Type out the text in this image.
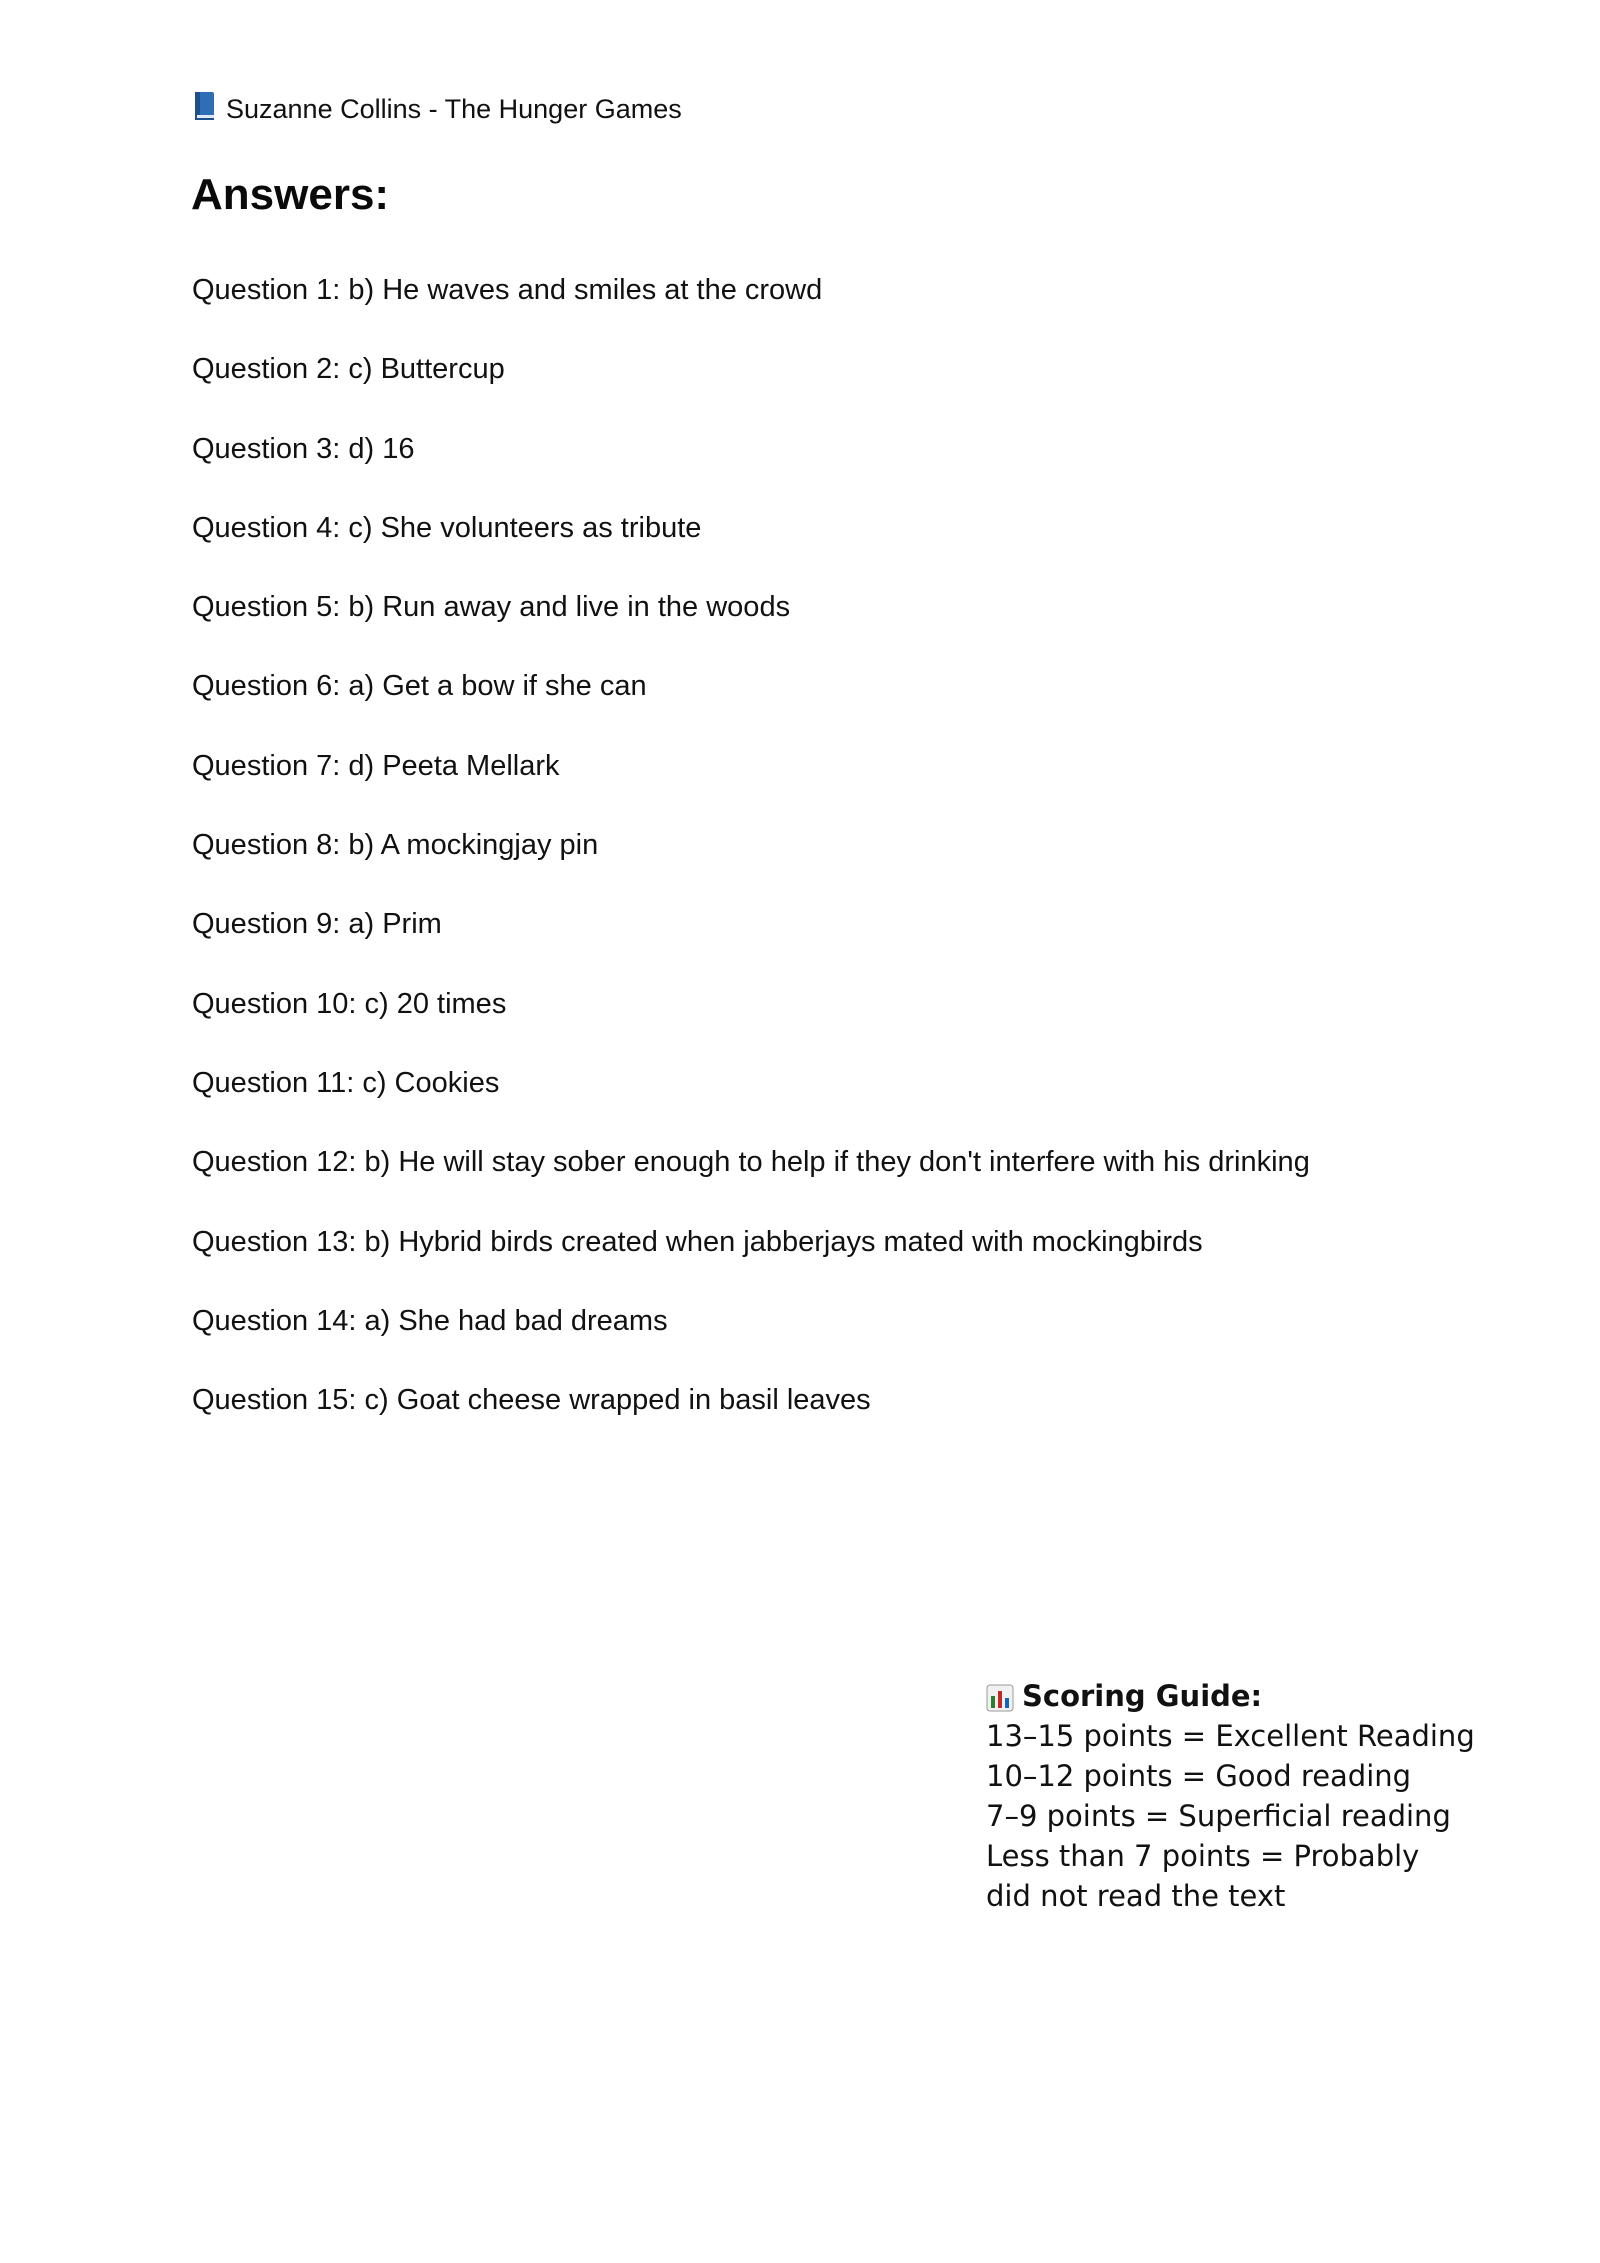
Suzanne Collins - The Hunger Games
Answers:
Question 1: b) He waves and smiles at the crowd
Question 2: c) Buttercup
Question 3: d) 16
Question 4: c) She volunteers as tribute
Question 5: b) Run away and live in the woods
Question 6: a) Get a bow if she can
Question 7: d) Peeta Mellark
Question 8: b) A mockingjay pin
Question 9: a) Prim
Question 10: c) 20 times
Question 11: c) Cookies
Question 12: b) He will stay sober enough to help if they don't interfere with his drinking
Question 13: b) Hybrid birds created when jabberjays mated with mockingbirds
Question 14: a) She had bad dreams
Question 15: c) Goat cheese wrapped in basil leaves
Scoring Guide:
13–15 points = Excellent Reading
10–12 points = Good reading
7–9 points = Superficial reading
Less than 7 points = Probably did not read the text
